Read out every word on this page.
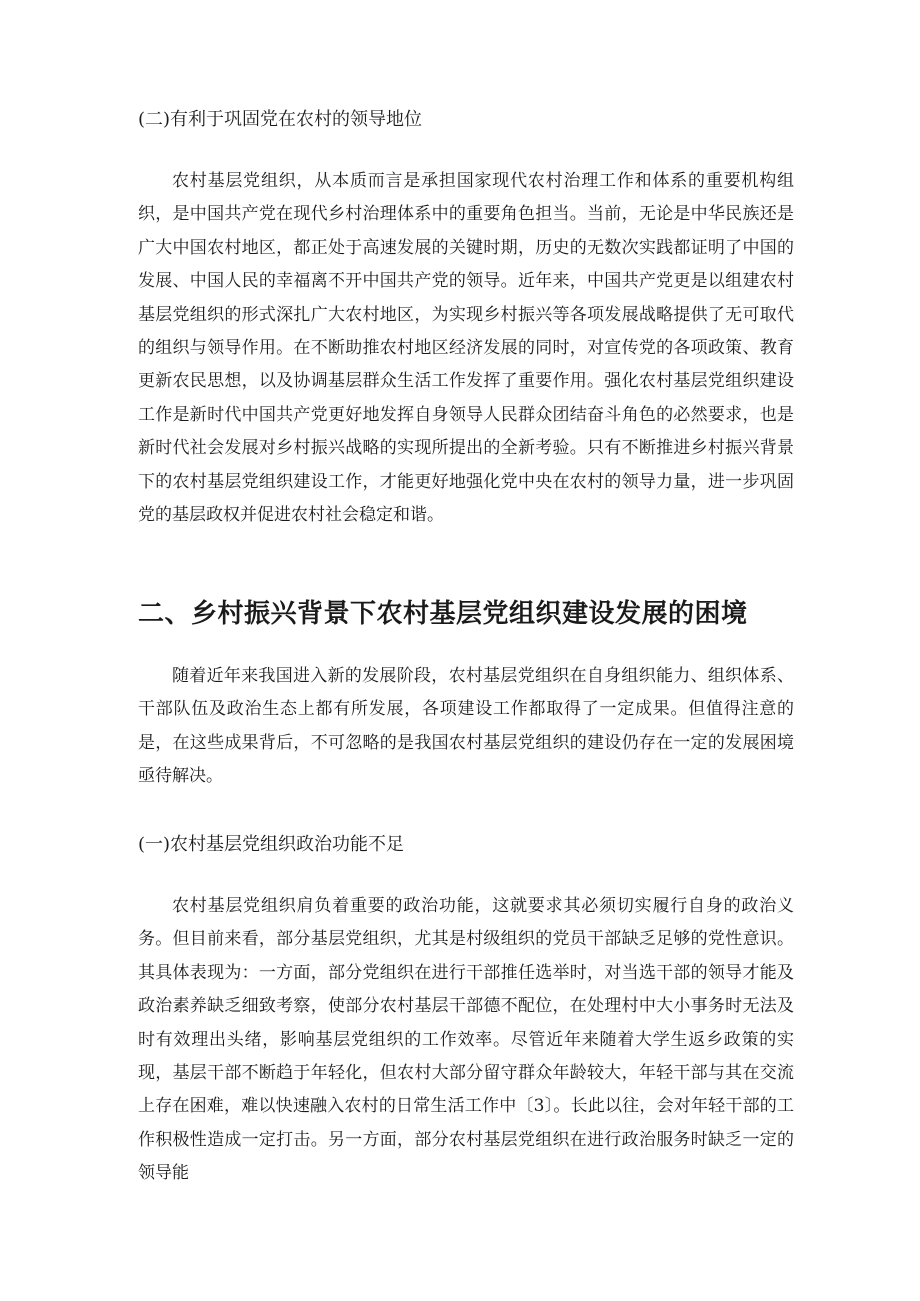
(二)有利于巩固党在农村的领导地位

农村基层党组织，从本质而言是承担国家现代农村治理工作和体系的重要机构组织，是中国共产党在现代乡村治理体系中的重要角色担当。当前，无论是中华民族还是广大中国农村地区，都正处于高速发展的关键时期，历史的无数次实践都证明了中国的发展、中国人民的幸福离不开中国共产党的领导。近年来，中国共产党更是以组建农村基层党组织的形式深扎广大农村地区，为实现乡村振兴等各项发展战略提供了无可取代的组织与领导作用。在不断助推农村地区经济发展的同时，对宣传党的各项政策、教育更新农民思想，以及协调基层群众生活工作发挥了重要作用。强化农村基层党组织建设工作是新时代中国共产党更好地发挥自身领导人民群众团结奋斗角色的必然要求，也是新时代社会发展对乡村振兴战略的实现所提出的全新考验。只有不断推进乡村振兴背景下的农村基层党组织建设工作，才能更好地强化党中央在农村的领导力量，进一步巩固党的基层政权并促进农村社会稳定和谐。

二、乡村振兴背景下农村基层党组织建设发展的困境

随着近年来我国进入新的发展阶段，农村基层党组织在自身组织能力、组织体系、干部队伍及政治生态上都有所发展，各项建设工作都取得了一定成果。但值得注意的是，在这些成果背后，不可忽略的是我国农村基层党组织的建设仍存在一定的发展困境亟待解决。

(一)农村基层党组织政治功能不足

农村基层党组织肩负着重要的政治功能，这就要求其必须切实履行自身的政治义务。但目前来看，部分基层党组织，尤其是村级组织的党员干部缺乏足够的党性意识。其具体表现为：一方面，部分党组织在进行干部推任选举时，对当选干部的领导才能及政治素养缺乏细致考察，使部分农村基层干部德不配位，在处理村中大小事务时无法及时有效理出头绪，影响基层党组织的工作效率。尽管近年来随着大学生返乡政策的实现，基层干部不断趋于年轻化，但农村大部分留守群众年龄较大，年轻干部与其在交流上存在困难，难以快速融入农村的日常生活工作中〔3〕。长此以往，会对年轻干部的工作积极性造成一定打击。另一方面，部分农村基层党组织在进行政治服务时缺乏一定的领导能
